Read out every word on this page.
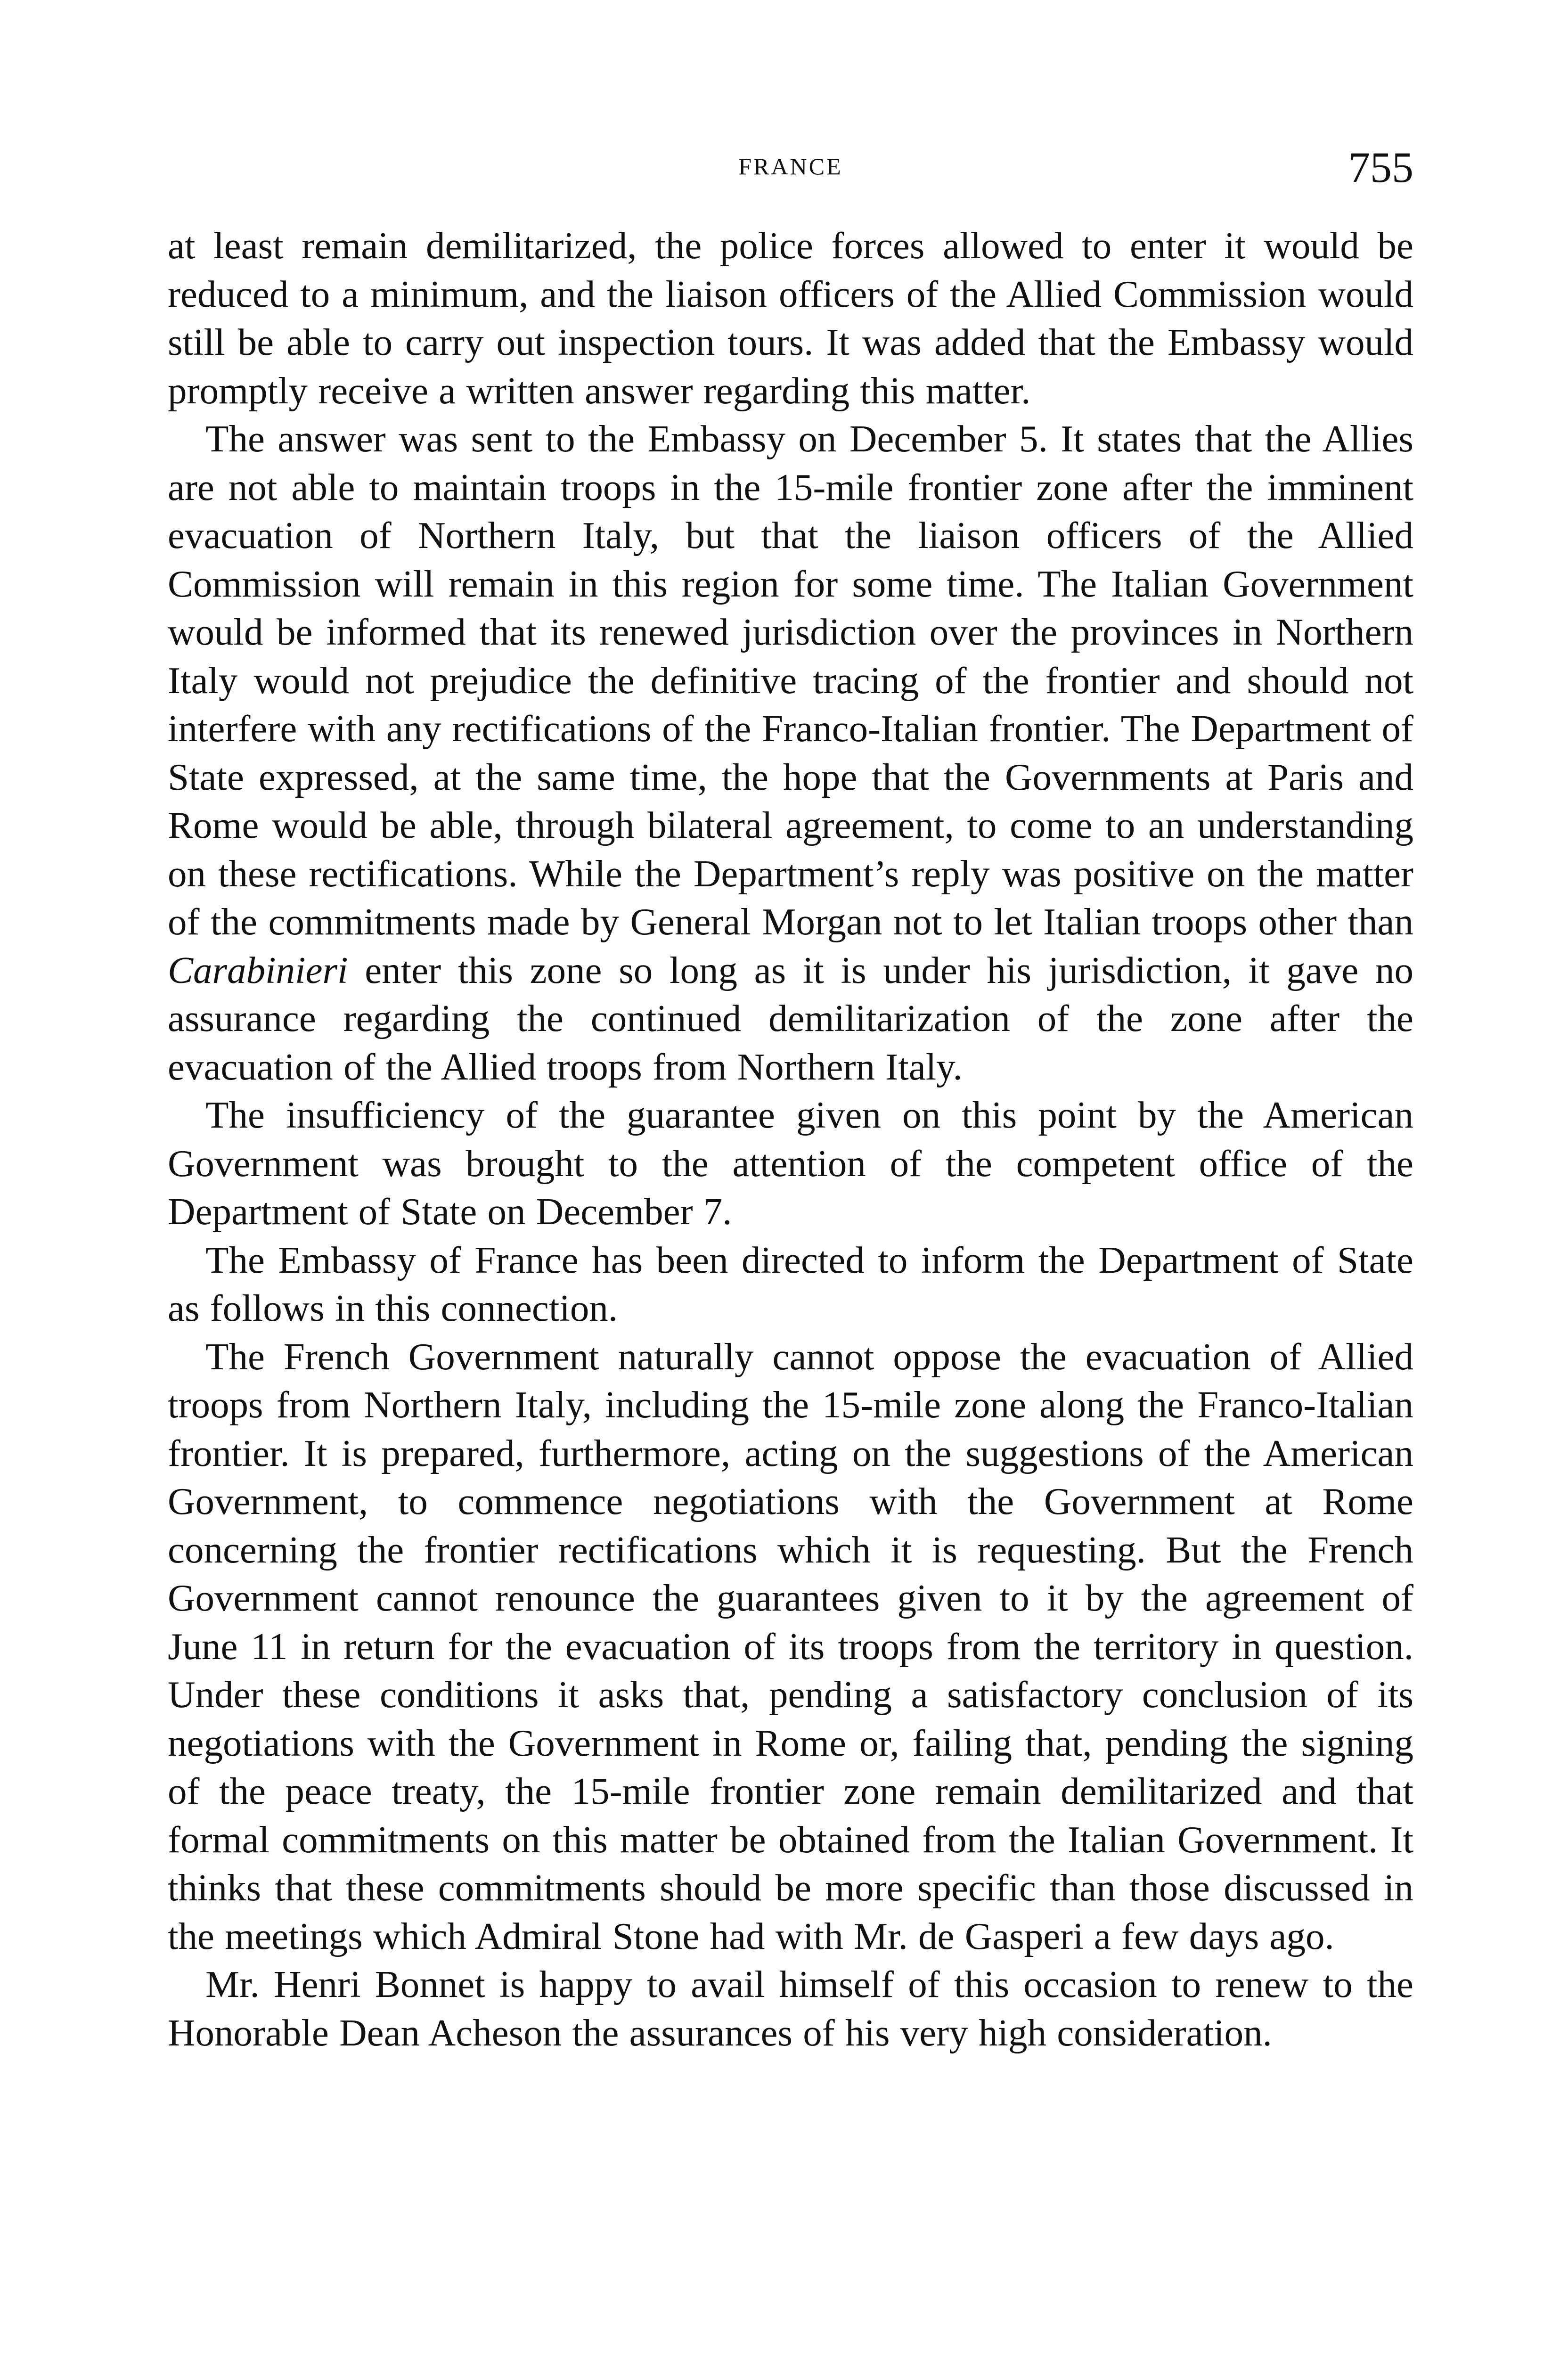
FRANCE	755

at least remain demilitarized, the police forces allowed to enter it would be reduced to a minimum, and the liaison officers of the Allied Commission would still be able to carry out inspection tours. It was added that the Embassy would promptly receive a written answer regarding this matter.

The answer was sent to the Embassy on December 5. It states that the Allies are not able to maintain troops in the 15-mile frontier zone after the imminent evacuation of Northern Italy, but that the liaison officers of the Allied Commission will remain in this region for some time. The Italian Government would be informed that its renewed jurisdiction over the provinces in Northern Italy would not prejudice the definitive tracing of the frontier and should not interfere with any rectifications of the Franco-Italian frontier. The Department of State expressed, at the same time, the hope that the Governments at Paris and Rome would be able, through bilateral agreement, to come to an understanding on these rectifications. While the Department’s reply was positive on the matter of the commitments made by General Morgan not to let Italian troops other than Carabinieri enter this zone so long as it is under his jurisdiction, it gave no assurance regarding the continued demilitarization of the zone after the evacuation of the Allied troops from Northern Italy.

The insufficiency of the guarantee given on this point by the American Government was brought to the attention of the competent office of the Department of State on December 7.

The Embassy of France has been directed to inform the Department of State as follows in this connection.

The French Government naturally cannot oppose the evacuation of Allied troops from Northern Italy, including the 15-mile zone along the Franco-Italian frontier. It is prepared, furthermore, acting on the suggestions of the American Government, to commence negotiations with the Government at Rome concerning the frontier rectifications which it is requesting. But the French Government cannot renounce the guarantees given to it by the agreement of June 11 in return for the evacuation of its troops from the territory in question. Under these conditions it asks that, pending a satisfactory conclusion of its negotiations with the Government in Rome or, failing that, pending the signing of the peace treaty, the 15-mile frontier zone remain demilitarized and that formal commitments on this matter be obtained from the Italian Government. It thinks that these commitments should be more specific than those discussed in the meetings which Admiral Stone had with Mr. de Gasperi a few days ago.

Mr. Henri Bonnet is happy to avail himself of this occasion to renew to the Honorable Dean Acheson the assurances of his very high consideration.
